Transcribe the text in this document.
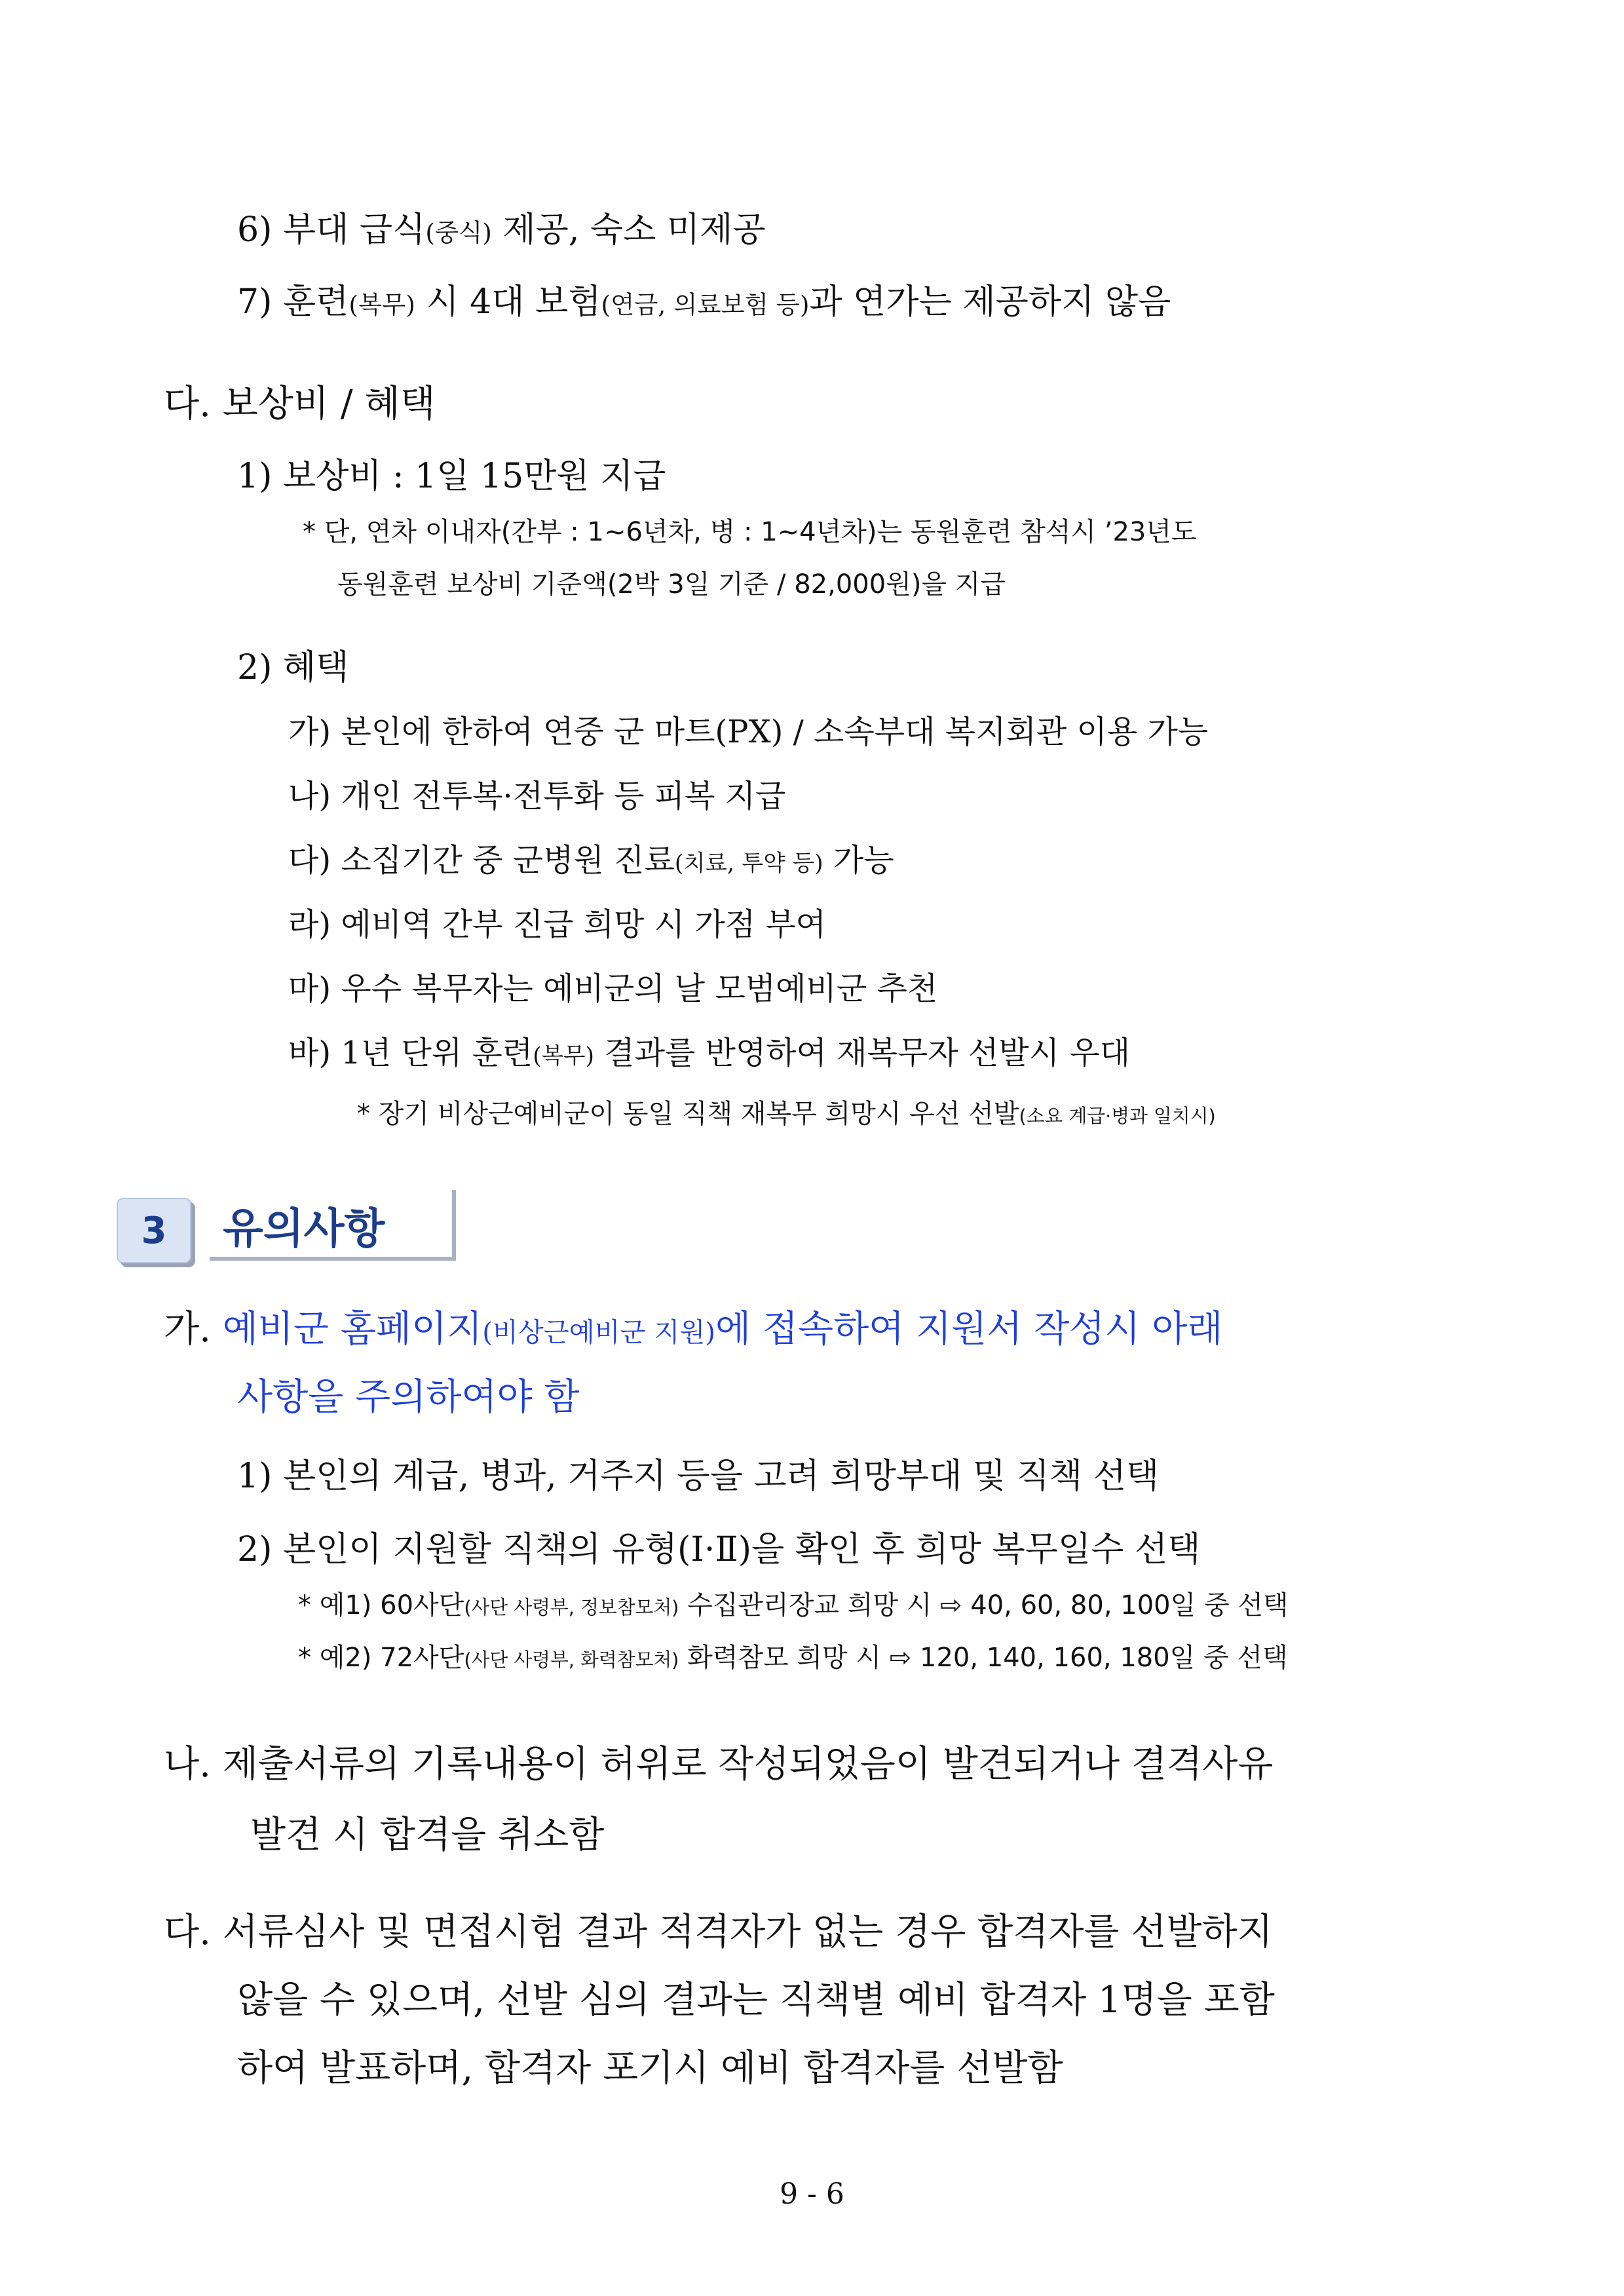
6) 부대 급식(중식) 제공, 숙소 미제공
7) 훈련(복무) 시 4대 보험(연금, 의료보험 등)과 연가는 제공하지 않음
다. 보상비 / 혜택
1) 보상비 : 1일 15만원 지급
* 단, 연차 이내자(간부 : 1~6년차, 병 : 1~4년차)는 동원훈련 참석시 ’23년도
동원훈련 보상비 기준액(2박 3일 기준 / 82,000원)을 지급
2) 혜택
가) 본인에 한하여 연중 군 마트(PX) / 소속부대 복지회관 이용 가능
나) 개인 전투복·전투화 등 피복 지급
다) 소집기간 중 군병원 진료(치료, 투약 등) 가능
라) 예비역 간부 진급 희망 시 가점 부여
마) 우수 복무자는 예비군의 날 모범예비군 추천
바) 1년 단위 훈련(복무) 결과를 반영하여 재복무자 선발시 우대
* 장기 비상근예비군이 동일 직책 재복무 희망시 우선 선발(소요 계급·병과 일치시)
3	유의사항
가. 예비군 홈페이지(비상근예비군 지원)에 접속하여 지원서 작성시 아래
사항을 주의하여야 함
1) 본인의 계급, 병과, 거주지 등을 고려 희망부대 및 직책 선택
2) 본인이 지원할 직책의 유형(Ⅰ·Ⅱ)을 확인 후 희망 복무일수 선택
* 예1) 60사단(사단 사령부, 정보참모처) 수집관리장교 희망 시 ⇨ 40, 60, 80, 100일 중 선택
* 예2) 72사단(사단 사령부, 화력참모처) 화력참모 희망 시 ⇨ 120, 140, 160, 180일 중 선택
나. 제출서류의 기록내용이 허위로 작성되었음이 발견되거나 결격사유
발견 시 합격을 취소함
다. 서류심사 및 면접시험 결과 적격자가 없는 경우 합격자를 선발하지
않을 수 있으며, 선발 심의 결과는 직책별 예비 합격자 1명을 포함
하여 발표하며, 합격자 포기시 예비 합격자를 선발함
9 - 6
